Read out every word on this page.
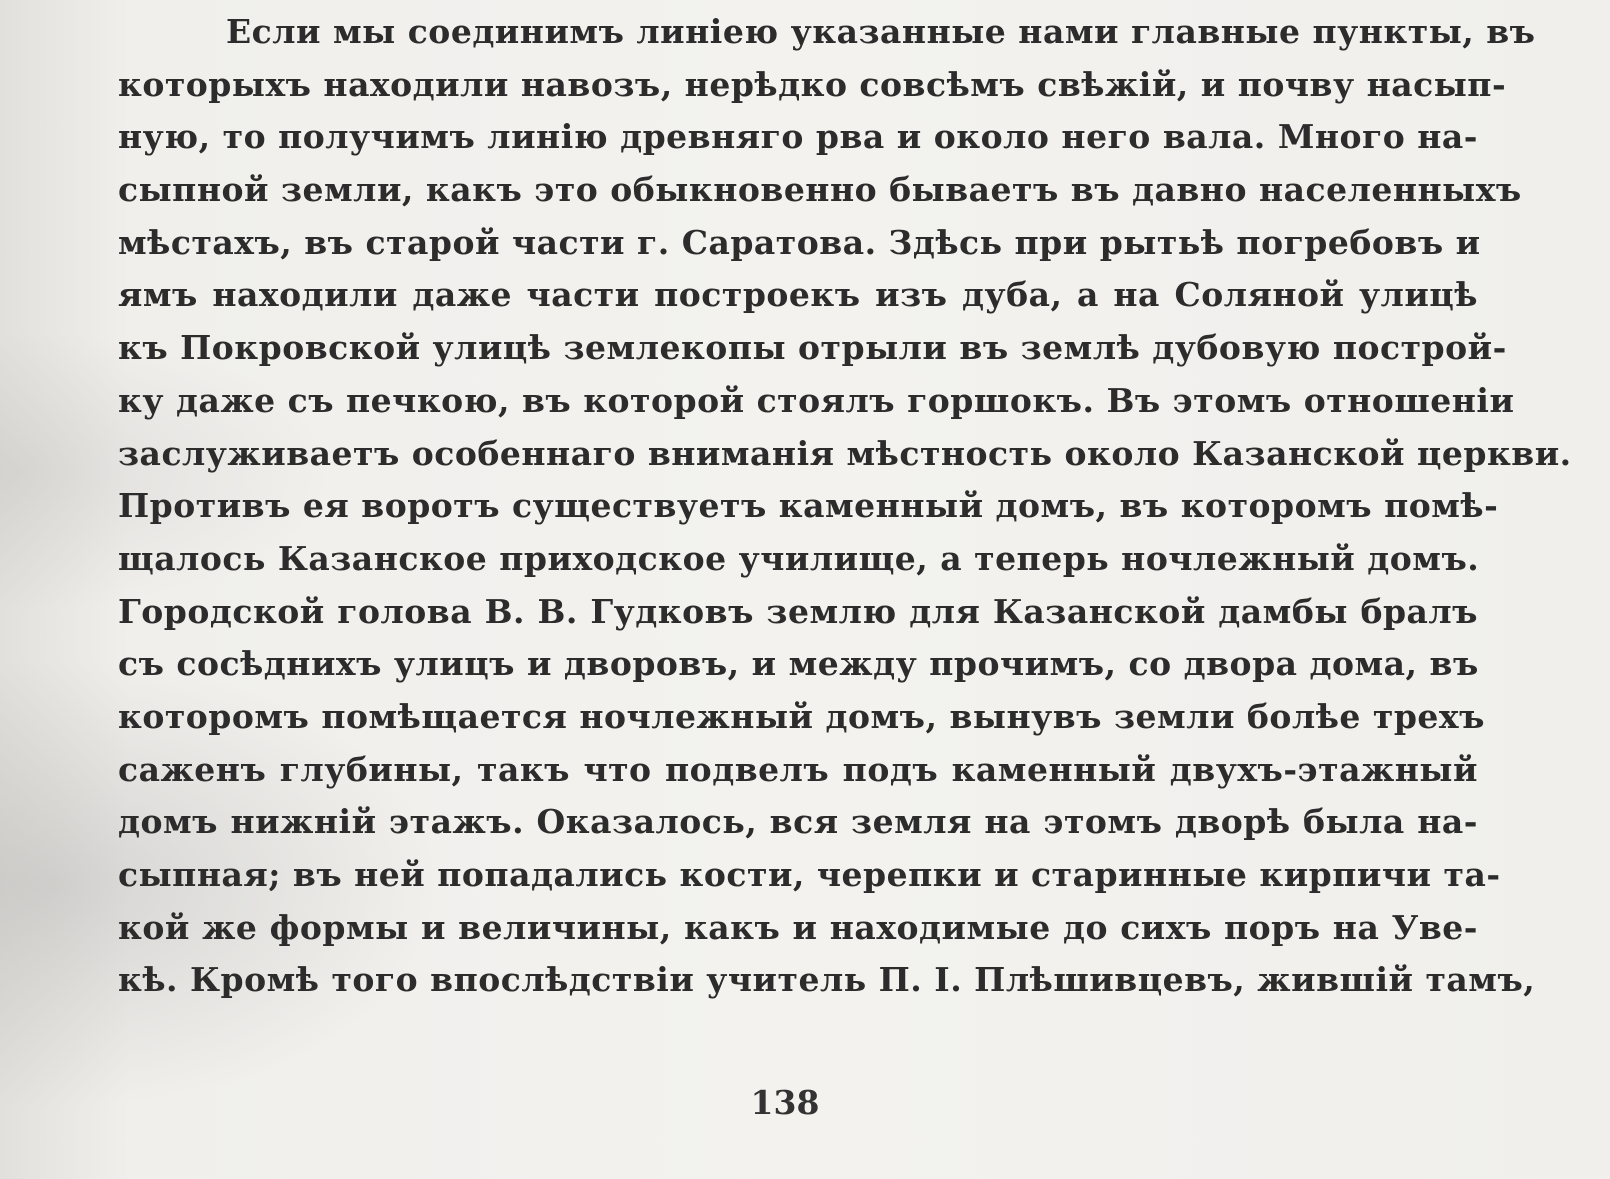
Если мы соединимъ линiею указанные нами главные пункты, въ
которыхъ находили навозъ, нерѣдко совсѣмъ свѣжiй, и почву насып-
ную, то получимъ линiю древняго рва и около него вала. Много на-
сыпной земли, какъ это обыкновенно бываетъ въ давно населенныхъ
мѣстахъ, въ старой части г. Саратова. Здѣсь при рытьѣ погребовъ и
ямъ находили даже части построекъ изъ дуба, а на Соляной улицѣ
къ Покровской улицѣ землекопы отрыли въ землѣ дубовую построй-
ку даже съ печкою, въ которой стоялъ горшокъ. Въ этомъ отношенiи
заслуживаетъ особеннаго вниманiя мѣстность около Казанской церкви.
Противъ ея воротъ существуетъ каменный домъ, въ которомъ помѣ-
щалось Казанское приходское училище, а теперь ночлежный домъ.
Городской голова В. В. Гудковъ землю для Казанской дамбы бралъ
съ сосѣднихъ улицъ и дворовъ, и между прочимъ, со двора дома, въ
которомъ помѣщается ночлежный домъ, вынувъ земли болѣе трехъ
саженъ глубины, такъ что подвелъ подъ каменный двухъ-этажный
домъ нижнiй этажъ. Оказалось, вся земля на этомъ дворѣ была на-
сыпная; въ ней попадались кости, черепки и старинные кирпичи та-
кой же формы и величины, какъ и находимые до сихъ поръ на Уве-
кѣ. Кромѣ того впослѣдствiи учитель П. I. Плѣшивцевъ, жившiй тамъ,
138
